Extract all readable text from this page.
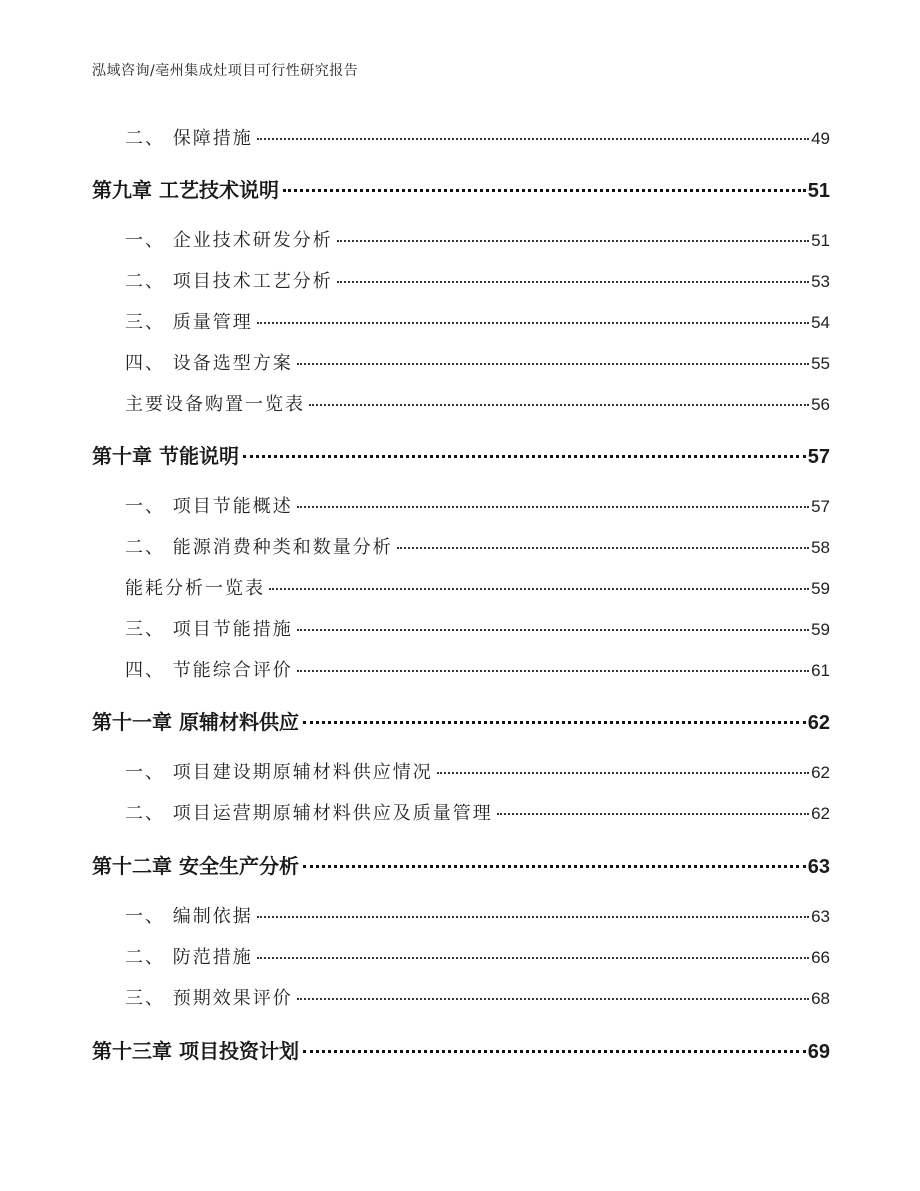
泓域咨询/亳州集成灶项目可行性研究报告
二、 保障措施	49
第九章 工艺技术说明	51
一、 企业技术研发分析	51
二、 项目技术工艺分析	53
三、 质量管理	54
四、 设备选型方案	55
主要设备购置一览表	56
第十章 节能说明	57
一、 项目节能概述	57
二、 能源消费种类和数量分析	58
能耗分析一览表	59
三、 项目节能措施	59
四、 节能综合评价	61
第十一章 原辅材料供应	62
一、 项目建设期原辅材料供应情况	62
二、 项目运营期原辅材料供应及质量管理	62
第十二章 安全生产分析	63
一、 编制依据	63
二、 防范措施	66
三、 预期效果评价	68
第十三章 项目投资计划	69
